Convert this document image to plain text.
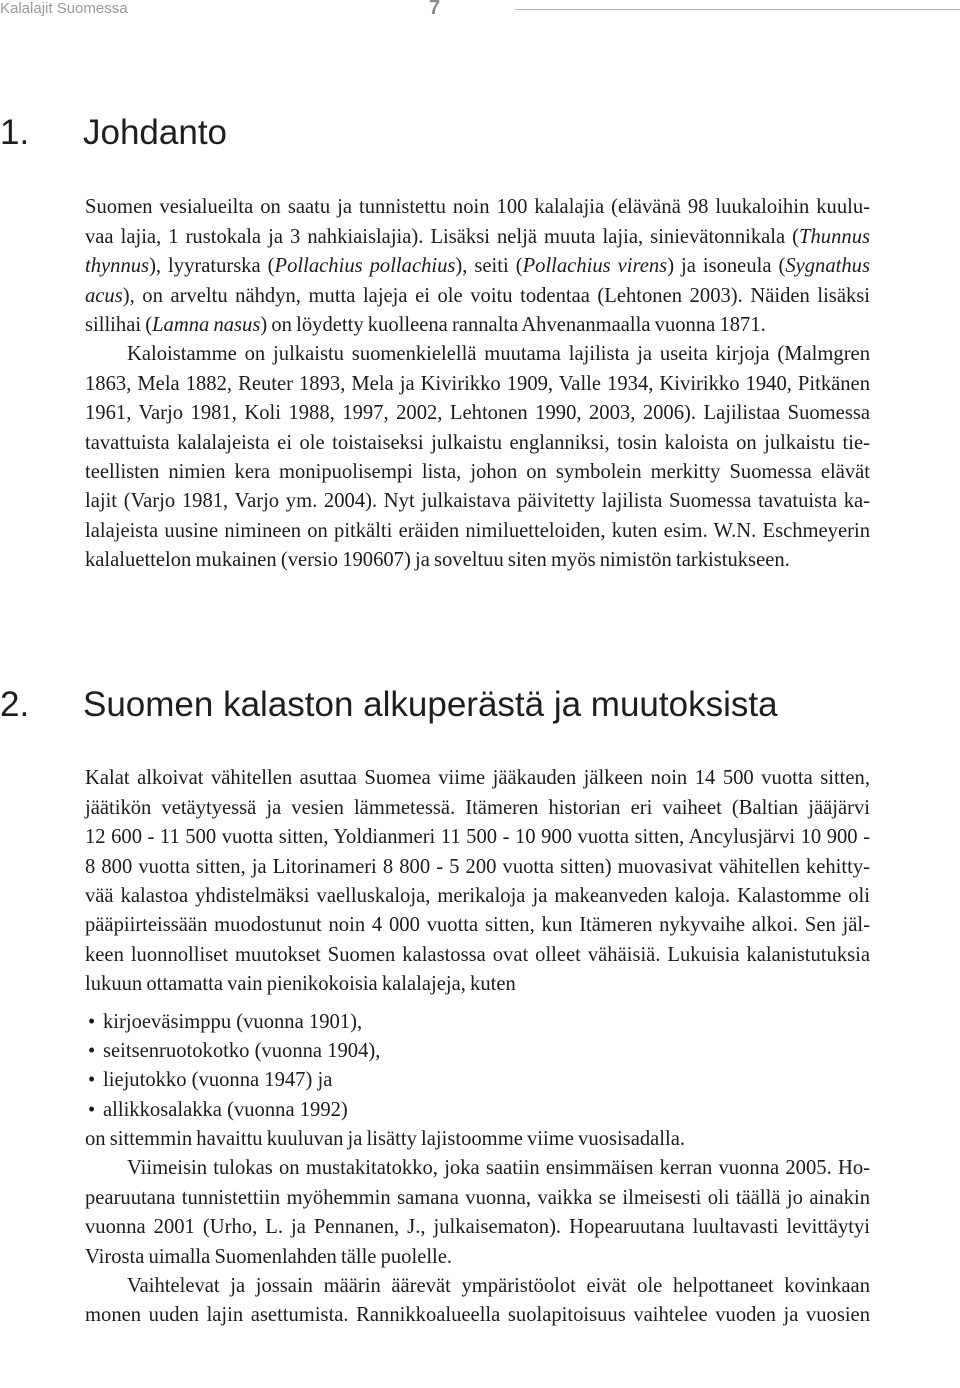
Kalalajit Suomessa	7
1. Johdanto
Suomen vesialueilta on saatu ja tunnistettu noin 100 kalalajia (elävänä 98 luukaloihin kuulu-
vaa lajia, 1 rustokala ja 3 nahkiaislajia). Lisäksi neljä muuta lajia, sinievätonnikala (Thunnus
thynnus), lyyraturska (Pollachius pollachius), seiti (Pollachius virens) ja isoneula (Sygnathus
acus), on arveltu nähdyn, mutta lajeja ei ole voitu todentaa (Lehtonen 2003). Näiden lisäksi
sillihai (Lamna nasus) on löydetty kuolleena rannalta Ahvenanmaalla vuonna 1871.
Kaloistamme on julkaistu suomenkielellä muutama lajilista ja useita kirjoja (Malmgren
1863, Mela 1882, Reuter 1893, Mela ja Kivirikko 1909, Valle 1934, Kivirikko 1940, Pitkänen
1961, Varjo 1981, Koli 1988, 1997, 2002, Lehtonen 1990, 2003, 2006). Lajilistaa Suomessa
tavattuista kalalajeista ei ole toistaiseksi julkaistu englanniksi, tosin kaloista on julkaistu tie-
teellisten nimien kera monipuolisempi lista, johon on symbolein merkitty Suomessa elävät
lajit (Varjo 1981, Varjo ym. 2004). Nyt julkaistava päivitetty lajilista Suomessa tavatuista ka-
lalajeista uusine nimineen on pitkälti eräiden nimiluetteloiden, kuten esim. W.N. Eschmeyerin
kalaluettelon mukainen (versio 190607) ja soveltuu siten myös nimistön tarkistukseen.
2. Suomen kalaston alkuperästä ja muutoksista
Kalat alkoivat vähitellen asuttaa Suomea viime jääkauden jälkeen noin 14 500 vuotta sitten,
jäätikön vetäytyessä ja vesien lämmetessä. Itämeren historian eri vaiheet (Baltian jääjärvi
12 600 - 11 500 vuotta sitten, Yoldianmeri 11 500 - 10 900 vuotta sitten, Ancylusjärvi 10 900 -
8 800 vuotta sitten, ja Litorinameri 8 800 - 5 200 vuotta sitten) muovasivat vähitellen kehitty-
vää kalastoa yhdistelmäksi vaelluskaloja, merikaloja ja makeanveden kaloja. Kalastomme oli
pääpiirteissään muodostunut noin 4 000 vuotta sitten, kun Itämeren nykyvaihe alkoi. Sen jäl-
keen luonnolliset muutokset Suomen kalastossa ovat olleet vähäisiä. Lukuisia kalanistutuksia
lukuun ottamatta vain pienikokoisia kalalajeja, kuten
• kirjoeväsimppu (vuonna 1901),
• seitsenruotokotko (vuonna 1904),
• liejutokko (vuonna 1947) ja
• allikkosalakka (vuonna 1992)
on sittemmin havaittu kuuluvan ja lisätty lajistoomme viime vuosisadalla.
Viimeisin tulokas on mustakitatokko, joka saatiin ensimmäisen kerran vuonna 2005. Ho-
pearuutana tunnistettiin myöhemmin samana vuonna, vaikka se ilmeisesti oli täällä jo ainakin
vuonna 2001 (Urho, L. ja Pennanen, J., julkaisematon). Hopearuutana luultavasti levittäytyi
Virosta uimalla Suomenlahden tälle puolelle.
Vaihtelevat ja jossain määrin äärevät ympäristöolot eivät ole helpottaneet kovinkaan
monen uuden lajin asettumista. Rannikkoalueella suolapitoisuus vaihtelee vuoden ja vuosien
